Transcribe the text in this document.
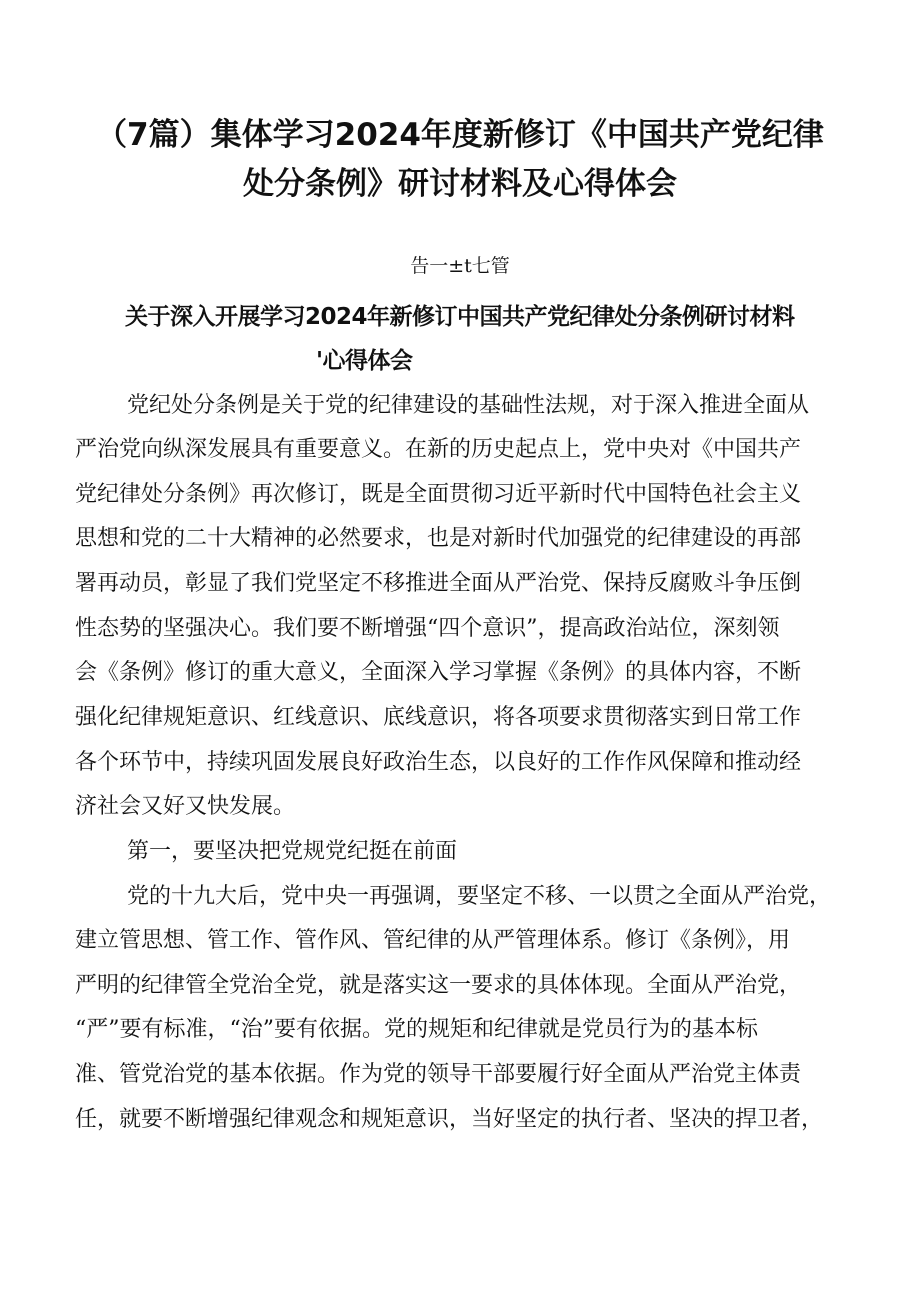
（7篇）集体学习2024年度新修订《中国共产党纪律
处分条例》研讨材料及心得体会
告一±t七管
关于深入开展学习2024年新修订中国共产党纪律处分条例研讨材料
'心得体会
党纪处分条例是关于党的纪律建设的基础性法规，对于深入推进全面从
严治党向纵深发展具有重要意义。在新的历史起点上，党中央对《中国共产
党纪律处分条例》再次修订，既是全面贯彻习近平新时代中国特色社会主义
思想和党的二十大精神的必然要求，也是对新时代加强党的纪律建设的再部
署再动员，彰显了我们党坚定不移推进全面从严治党、保持反腐败斗争压倒
性态势的坚强决心。我们要不断增强“四个意识”，提高政治站位，深刻领
会《条例》修订的重大意义，全面深入学习掌握《条例》的具体内容，不断
强化纪律规矩意识、红线意识、底线意识，将各项要求贯彻落实到日常工作
各个环节中，持续巩固发展良好政治生态，以良好的工作作风保障和推动经
济社会又好又快发展。
第一，要坚决把党规党纪挺在前面
党的十九大后，党中央一再强调，要坚定不移、一以贯之全面从严治党，
建立管思想、管工作、管作风、管纪律的从严管理体系。修订《条例》，用
严明的纪律管全党治全党，就是落实这一要求的具体体现。全面从严治党，
“严”要有标准，“治”要有依据。党的规矩和纪律就是党员行为的基本标
准、管党治党的基本依据。作为党的领导干部要履行好全面从严治党主体责
任，就要不断增强纪律观念和规矩意识，当好坚定的执行者、坚决的捍卫者，
